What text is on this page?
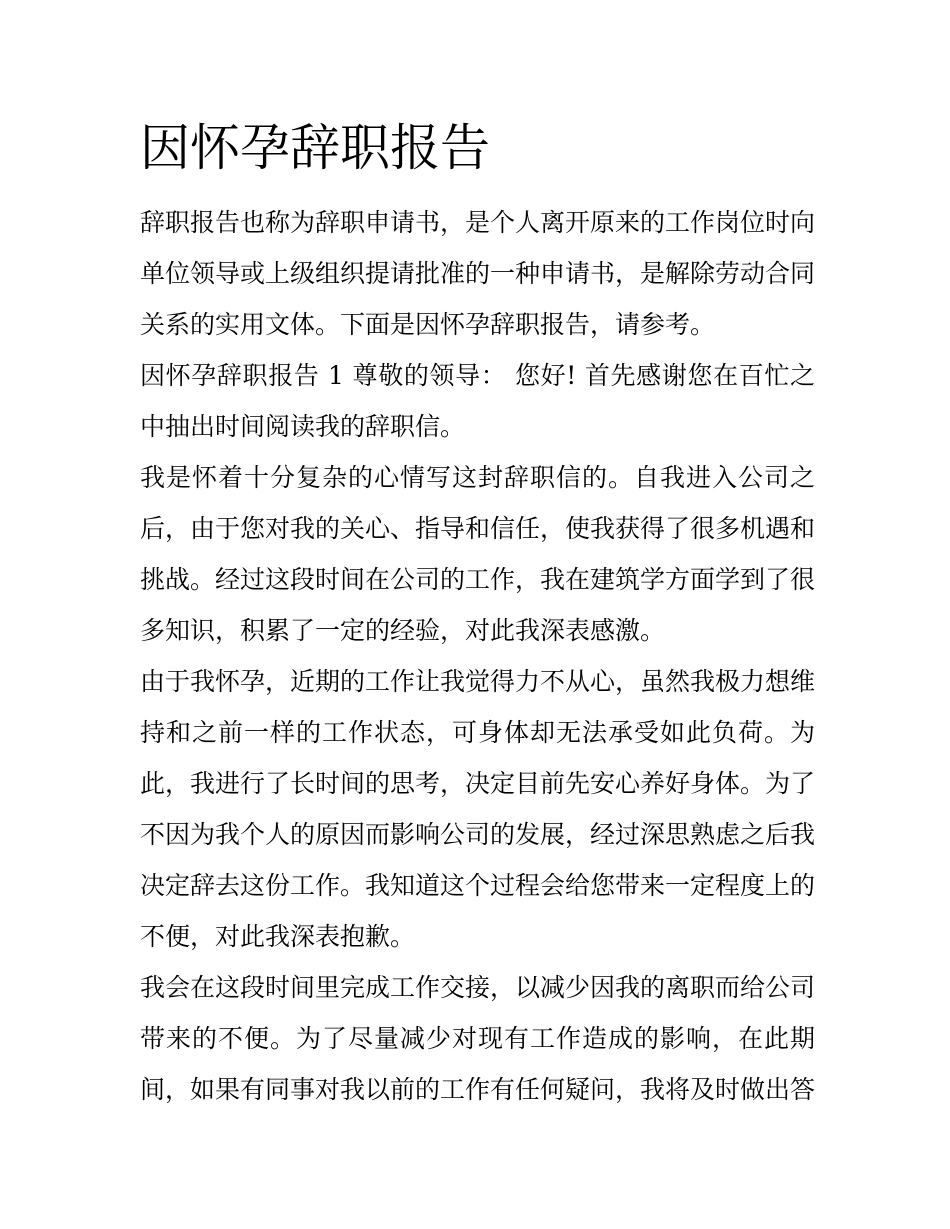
因怀孕辞职报告

辞职报告也称为辞职申请书，是个人离开原来的工作岗位时向单位领导或上级组织提请批准的一种申请书，是解除劳动合同关系的实用文体。下面是因怀孕辞职报告，请参考。

因怀孕辞职报告 1 尊敬的领导： 您好! 首先感谢您在百忙之中抽出时间阅读我的辞职信。

我是怀着十分复杂的心情写这封辞职信的。自我进入公司之后，由于您对我的关心、指导和信任，使我获得了很多机遇和挑战。经过这段时间在公司的工作，我在建筑学方面学到了很多知识，积累了一定的经验，对此我深表感激。

由于我怀孕，近期的工作让我觉得力不从心，虽然我极力想维持和之前一样的工作状态，可身体却无法承受如此负荷。为此，我进行了长时间的思考，决定目前先安心养好身体。为了不因为我个人的原因而影响公司的发展，经过深思熟虑之后我决定辞去这份工作。我知道这个过程会给您带来一定程度上的不便，对此我深表抱歉。

我会在这段时间里完成工作交接，以减少因我的离职而给公司带来的不便。为了尽量减少对现有工作造成的影响，在此期间，如果有同事对我以前的工作有任何疑问，我将及时做出答
